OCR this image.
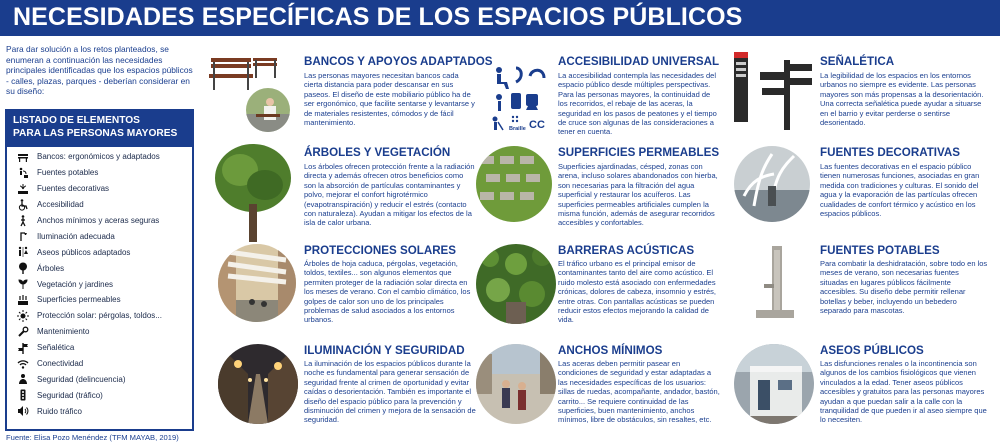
NECESIDADES ESPECÍFICAS DE LOS ESPACIOS PÚBLICOS

Para dar solución a los retos planteados, se enumeran a continuación las necesidades principales identificadas que los espacios públicos - calles, plazas, parques - deberían considerar en su diseño:

LISTADO DE ELEMENTOS
PARA LAS PERSONAS MAYORES
Bancos: ergonómicos y adaptados
Fuentes potables
Fuentes decorativas
Accesibilidad
Anchos mínimos y aceras seguras
Iluminación adecuada
Aseos públicos adaptados
Árboles
Vegetación y jardines
Superficies permeables
Protección solar: pérgolas, toldos...
Mantenimiento
Señalética
Conectividad
Seguridad (delincuencia)
Seguridad (tráfico)
Ruido tráfico

Fuente: Elisa Pozo Menéndez (TFM MAYAB, 2019)

BANCOS Y APOYOS ADAPTADOS

Las personas mayores necesitan bancos cada cierta distancia para poder descansar en sus paseos. El diseño de este mobiliario público ha de ser ergonómico, que facilite sentarse y levantarse y de materiales resistentes, cómodos y de fácil mantenimiento.

Braille CC
ACCESIBILIDAD UNIVERSAL

La accesibilidad contempla las necesidades del espacio público desde múltiples perspectivas. Para las personas mayores, la continuidad de los recorridos, el rebaje de las aceras, la seguridad en los pasos de peatones y el tiempo de cruce son algunas de las consideraciones a tener en cuenta.

SEÑALÉTICA

La legibilidad de los espacios en los entornos urbanos no siempre es evidente. Las personas mayores son más propensas a la desorientación. Una correcta señalética puede ayudar a situarse en el barrio y evitar perderse o sentirse desorientado.

ÁRBOLES Y VEGETACIÓN

Los árboles ofrecen protección frente a la radiación directa y además ofrecen otros beneficios como son la absorción de partículas contaminantes y polvo, mejorar el confort higrotérmico (evapotranspiración) y reducir el estrés (contacto con naturaleza). Ayudan a mitigar los efectos de la isla de calor urbana.

SUPERFICIES PERMEABLES

Superficies ajardinadas, césped, zonas con arena, incluso solares abandonados con hierba, son necesarias para la filtración del agua superficial y restaurar los acuíferos. Las superficies permeables artificiales cumplen la misma función, además de asegurar recorridos accesibles y confortables.

FUENTES DECORATIVAS

Las fuentes decorativas en el espacio público tienen numerosas funciones, asociadas en gran medida con tradiciones y culturas. El sonido del agua y la evaporación de las partículas ofrecen cualidades de confort térmico y acústico en los espacios públicos.

PROTECCIONES SOLARES

Árboles de hoja caduca, pérgolas, vegetación, toldos, textiles... son algunos elementos que permiten proteger de la radiación solar directa en los meses de verano. Con el cambio climático, los golpes de calor son uno de los principales problemas de salud asociados a los entornos urbanos.

BARRERAS ACÚSTICAS

El tráfico urbano es el principal emisor de contaminantes tanto del aire como acústico. El ruido molesto está asociado con enfermedades crónicas, dolores de cabeza, insomnio y estrés, entre otras. Con pantallas acústicas se pueden reducir estos efectos mejorando la calidad de vida.

FUENTES POTABLES

Para combatir la deshidratación, sobre todo en los meses de verano, son necesarias fuentes situadas en lugares públicos fácilmente accesibles. Su diseño debe permitir rellenar botellas y beber, incluyendo un bebedero separado para mascotas.

ILUMINACIÓN Y SEGURIDAD

La iluminación de los espacios públicos durante la noche es fundamental para generar sensación de seguridad frente al crimen de oportunidad y evitar caídas o desorientación. También es importante el diseño del espacio público para la prevención y disminución del crimen y mejora de la sensación de seguridad.

ANCHOS MÍNIMOS

Las aceras deben permitir pasear en condiciones de seguridad y estar adaptadas a las necesidades específicas de los usuarios: sillas de ruedas, acompañante, andador, bastón, carrito... Se requiere continuidad de las superficies, buen mantenimiento, anchos mínimos, libre de obstáculos, sin resaltes, etc.

ASEOS PÚBLICOS

Las disfunciones renales o la incontinencia son algunos de los cambios fisiológicos que vienen vinculados a la edad. Tener aseos públicos accesibles y gratuitos para las personas mayores ayudan a que puedan salir a la calle con la tranquilidad de que pueden ir al aseo siempre que lo necesiten.
